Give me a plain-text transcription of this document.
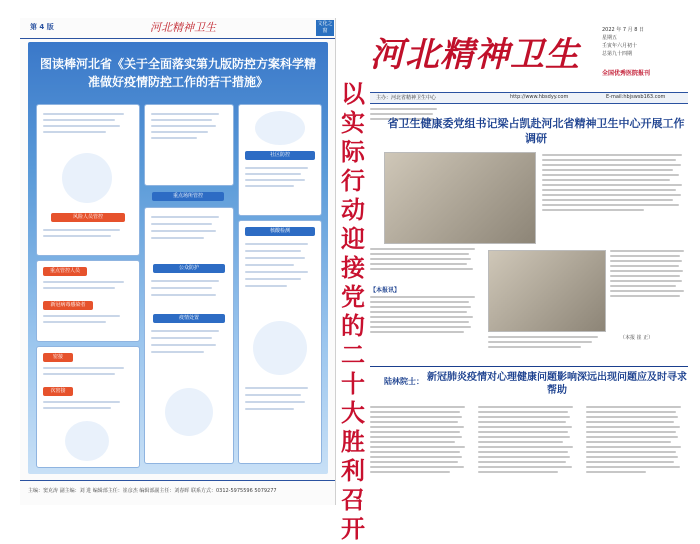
第 4 版	河北精神卫生	文化之窗
图读棒河北省《关于全面落实第九版防控方案科学精准做好疫情防控工作的若干措施》
风险人员管控
重点管控人员
新冠病毒感染者
密接
次密接
重点场所管控
公众防护
疫情处置
社区防控
核酸检测
主编：窦克涛 副主编：刘 进 编辑部主任：崔彦杰 编辑部副主任：刘春晖 联系方式：0312-5975596 5079277
以实际行动迎接党的二十大胜利召开
河北精神卫生
2022 年 7 月 8 日
星期五
壬寅年六月初十
总第九十四期
全国优秀医院报刊
主办：河北省精神卫生中心	http://www.hbsdyy.com	E-mail:hbjswsb163.com
省卫生健康委党组书记梁占凯赴河北省精神卫生中心开展工作调研
【本报讯】
（本报 崔 正）
陆林院士： 新冠肺炎疫情对心理健康问题影响深远出现问题应及时寻求帮助
